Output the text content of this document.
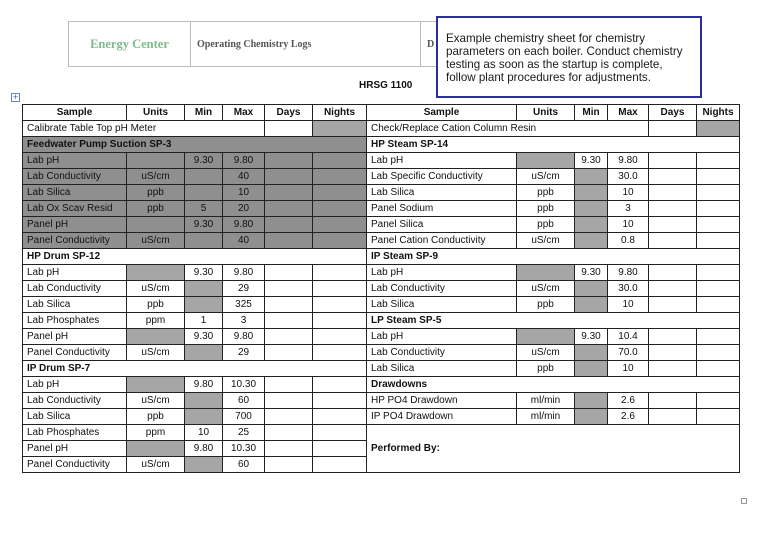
Energy Center	Operating Chemistry Logs	D	Example chemistry sheet for chemistry parameters on each boiler. Conduct chemistry testing as soon as the startup is complete, follow plant procedures for adjustments.
HRSG 1100
+
Sample	Units	Min	Max	Days	Nights	Sample	Units	Min	Max	Days	Nights
Calibrate Table Top pH Meter						Check/Replace Cation Column Resin					
Feedwater Pump Suction SP-3						HP Steam SP-14					
Lab pH		9.30	9.80			Lab pH		9.30	9.80		
Lab Conductivity	uS/cm		40			Lab Specific Conductivity	uS/cm		30.0		
Lab Silica	ppb		10			Lab Silica	ppb		10		
Lab Ox Scav Resid	ppb	5	20			Panel Sodium	ppb		3		
Panel pH		9.30	9.80			Panel Silica	ppb		10		
Panel Conductivity	uS/cm		40			Panel Cation Conductivity	uS/cm		0.8		
HP Drum SP-12						IP Steam SP-9					
Lab pH		9.30	9.80			Lab pH		9.30	9.80		
Lab Conductivity	uS/cm		29			Lab Conductivity	uS/cm		30.0		
Lab Silica	ppb		325			Lab Silica	ppb		10		
Lab Phosphates	ppm	1	3			LP Steam SP-5					
Panel pH		9.30	9.80			Lab pH		9.30	10.4		
Panel Conductivity	uS/cm		29			Lab Conductivity	uS/cm		70.0		
IP Drum SP-7						Lab Silica	ppb		10		
Lab pH		9.80	10.30			Drawdowns					
Lab Conductivity	uS/cm		60			HP PO4 Drawdown	ml/min		2.6		
Lab Silica	ppb		700			IP PO4 Drawdown	ml/min		2.6		
Lab Phosphates	ppm	10	25			Performed By:					
Panel pH		9.80	10.30								
Panel Conductivity	uS/cm		60								
